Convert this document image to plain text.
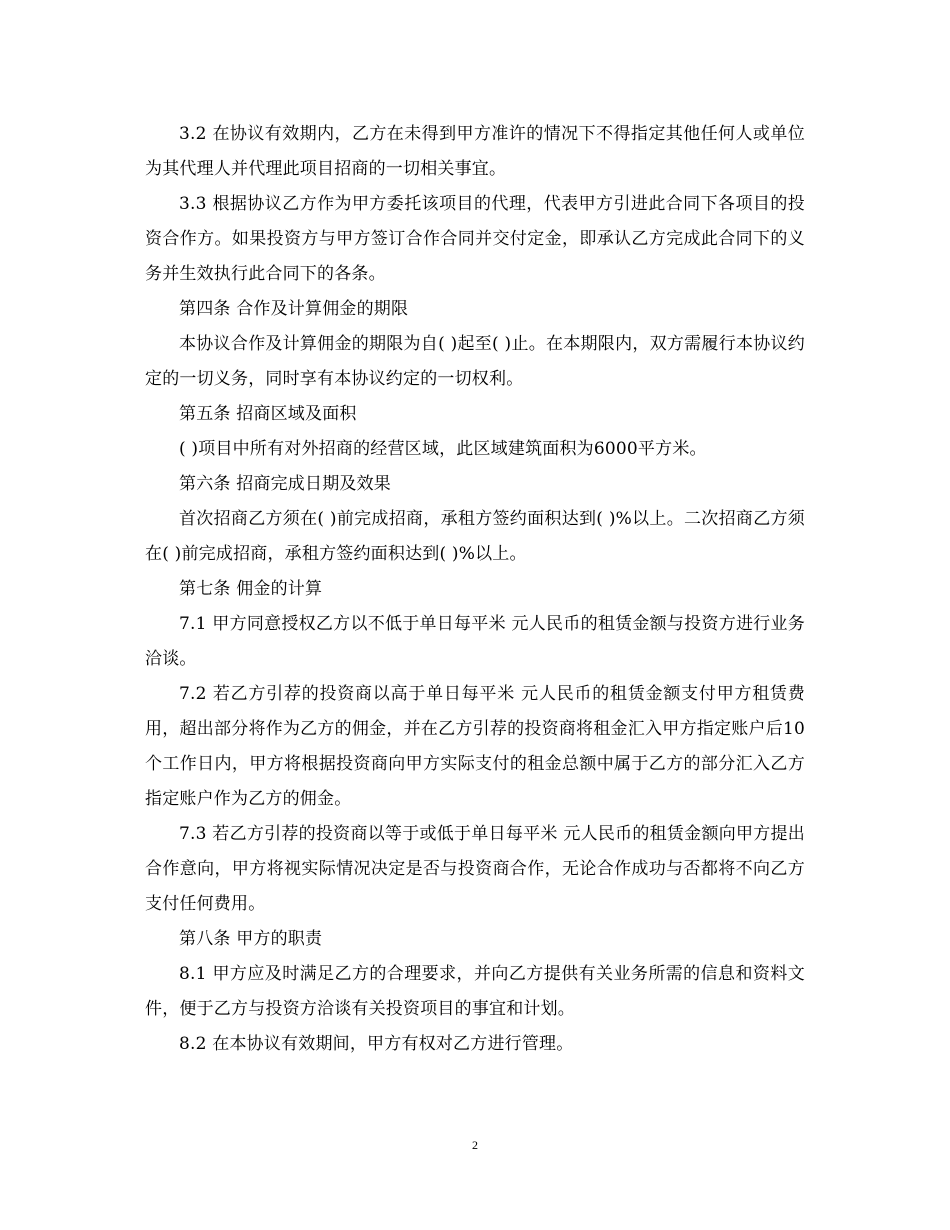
3.2 在协议有效期内，乙方在未得到甲方准许的情况下不得指定其他任何人或单位为其代理人并代理此项目招商的一切相关事宜。

3.3 根据协议乙方作为甲方委托该项目的代理，代表甲方引进此合同下各项目的投资合作方。如果投资方与甲方签订合作合同并交付定金，即承认乙方完成此合同下的义务并生效执行此合同下的各条。

第四条 合作及计算佣金的期限

本协议合作及计算佣金的期限为自( )起至( )止。在本期限内，双方需履行本协议约定的一切义务，同时享有本协议约定的一切权利。

第五条 招商区域及面积

( )项目中所有对外招商的经营区域，此区域建筑面积为6000平方米。

第六条 招商完成日期及效果

首次招商乙方须在( )前完成招商，承租方签约面积达到( )%以上。二次招商乙方须在( )前完成招商，承租方签约面积达到( )%以上。

第七条 佣金的计算

7.1 甲方同意授权乙方以不低于单日每平米 元人民币的租赁金额与投资方进行业务洽谈。

7.2 若乙方引荐的投资商以高于单日每平米 元人民币的租赁金额支付甲方租赁费用，超出部分将作为乙方的佣金，并在乙方引荐的投资商将租金汇入甲方指定账户后10个工作日内，甲方将根据投资商向甲方实际支付的租金总额中属于乙方的部分汇入乙方指定账户作为乙方的佣金。

7.3 若乙方引荐的投资商以等于或低于单日每平米 元人民币的租赁金额向甲方提出合作意向，甲方将视实际情况决定是否与投资商合作，无论合作成功与否都将不向乙方支付任何费用。

第八条 甲方的职责

8.1 甲方应及时满足乙方的合理要求，并向乙方提供有关业务所需的信息和资料文件，便于乙方与投资方洽谈有关投资项目的事宜和计划。

8.2 在本协议有效期间，甲方有权对乙方进行管理。

2
